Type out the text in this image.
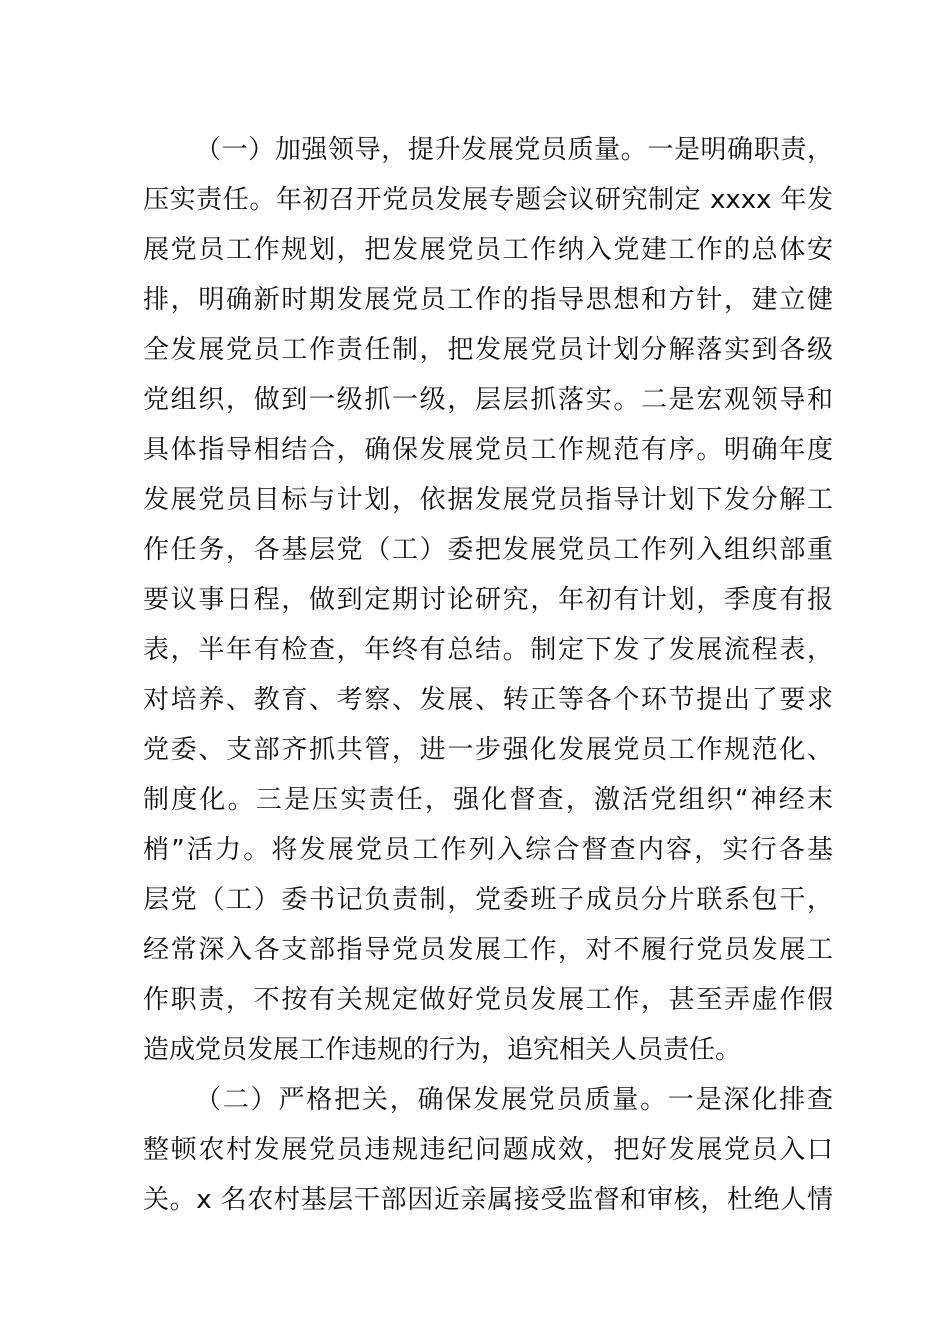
（一）加强领导，提升发展党员质量。一是明确职责，
压实责任。年初召开党员发展专题会议研究制定 xxxx 年发
展党员工作规划，把发展党员工作纳入党建工作的总体安
排，明确新时期发展党员工作的指导思想和方针，建立健
全发展党员工作责任制，把发展党员计划分解落实到各级
党组织，做到一级抓一级，层层抓落实。二是宏观领导和
具体指导相结合，确保发展党员工作规范有序。明确年度
发展党员目标与计划，依据发展党员指导计划下发分解工
作任务，各基层党（工）委把发展党员工作列入组织部重
要议事日程，做到定期讨论研究，年初有计划，季度有报
表，半年有检查，年终有总结。制定下发了发展流程表，
对培养、教育、考察、发展、转正等各个环节提出了要求
党委、支部齐抓共管，进一步强化发展党员工作规范化、
制度化。三是压实责任，强化督查，激活党组织“神经末
梢”活力。将发展党员工作列入综合督查内容，实行各基
层党（工）委书记负责制，党委班子成员分片联系包干，
经常深入各支部指导党员发展工作，对不履行党员发展工
作职责，不按有关规定做好党员发展工作，甚至弄虚作假
造成党员发展工作违规的行为，追究相关人员责任。
（二）严格把关，确保发展党员质量。一是深化排查
整顿农村发展党员违规违纪问题成效，把好发展党员入口
关。x 名农村基层干部因近亲属接受监督和审核，杜绝人情
